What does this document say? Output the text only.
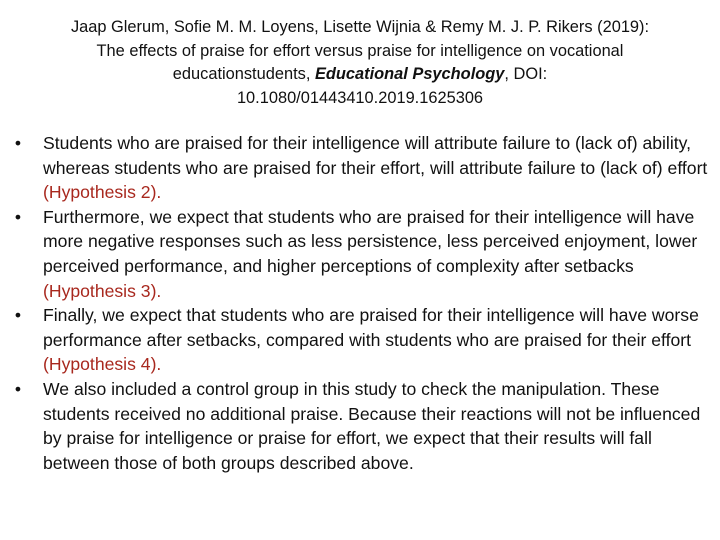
Jaap Glerum, Sofie M. M. Loyens, Lisette Wijnia & Remy M. J. P. Rikers (2019):
The effects of praise for effort versus praise for intelligence on vocational
educationstudents, Educational Psychology, DOI:
10.1080/01443410.2019.1625306
• Students who are praised for their intelligence will attribute failure to (lack of) ability, whereas students who are praised for their effort, will attribute failure to (lack of) effort (Hypothesis 2).
• Furthermore, we expect that students who are praised for their intelligence will have more negative responses such as less persistence, less perceived enjoyment, lower perceived performance, and higher perceptions of complexity after setbacks (Hypothesis 3).
• Finally, we expect that students who are praised for their intelligence will have worse performance after setbacks, compared with students who are praised for their effort (Hypothesis 4).
• We also included a control group in this study to check the manipulation. These students received no additional praise. Because their reactions will not be influenced by praise for intelligence or praise for effort, we expect that their results will fall between those of both groups described above.
